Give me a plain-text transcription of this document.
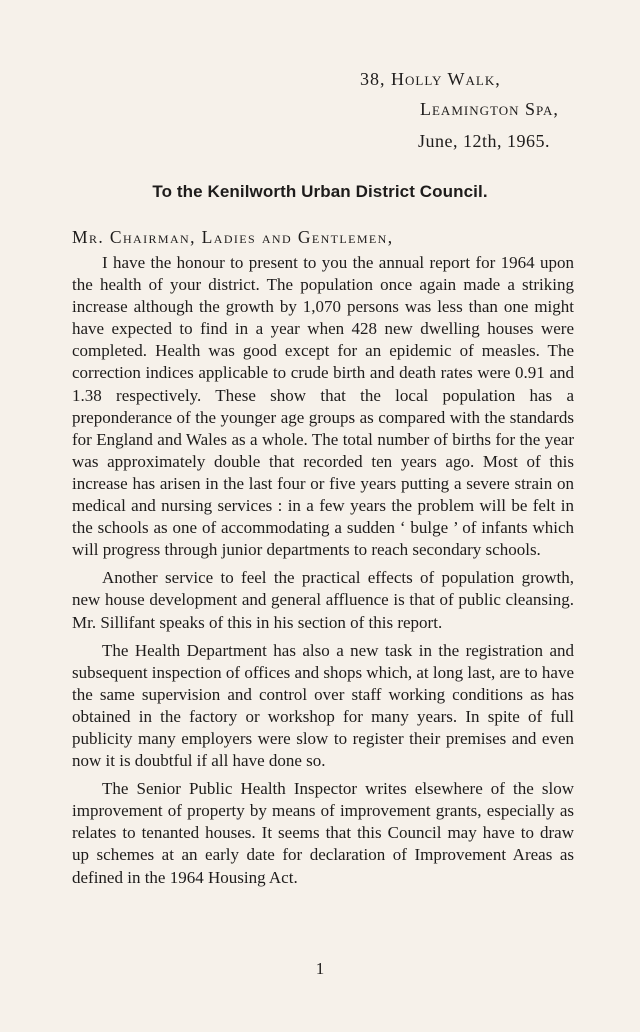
38, Holly Walk,
Leamington Spa,
June, 12th, 1965.
To the Kenilworth Urban District Council.
Mr. Chairman, Ladies and Gentlemen,

I have the honour to present to you the annual report for 1964 upon the health of your district. The population once again made a striking increase although the growth by 1,070 persons was less than one might have expected to find in a year when 428 new dwelling houses were completed. Health was good except for an epidemic of measles. The correction indices applicable to crude birth and death rates were 0.91 and 1.38 respectively. These show that the local population has a preponderance of the younger age groups as compared with the standards for England and Wales as a whole. The total number of births for the year was approximately double that recorded ten years ago. Most of this increase has arisen in the last four or five years putting a severe strain on medical and nursing services : in a few years the problem will be felt in the schools as one of accommodating a sudden ‘ bulge ’ of infants which will progress through junior departments to reach secondary schools.

Another service to feel the practical effects of population growth, new house development and general affluence is that of public cleansing. Mr. Sillifant speaks of this in his section of this report.

The Health Department has also a new task in the registration and subsequent inspection of offices and shops which, at long last, are to have the same supervision and control over staff working conditions as has obtained in the factory or workshop for many years. In spite of full publicity many employers were slow to register their premises and even now it is doubtful if all have done so.

The Senior Public Health Inspector writes elsewhere of the slow improvement of property by means of improvement grants, especially as relates to tenanted houses. It seems that this Council may have to draw up schemes at an early date for declaration of Improvement Areas as defined in the 1964 Housing Act.

1
